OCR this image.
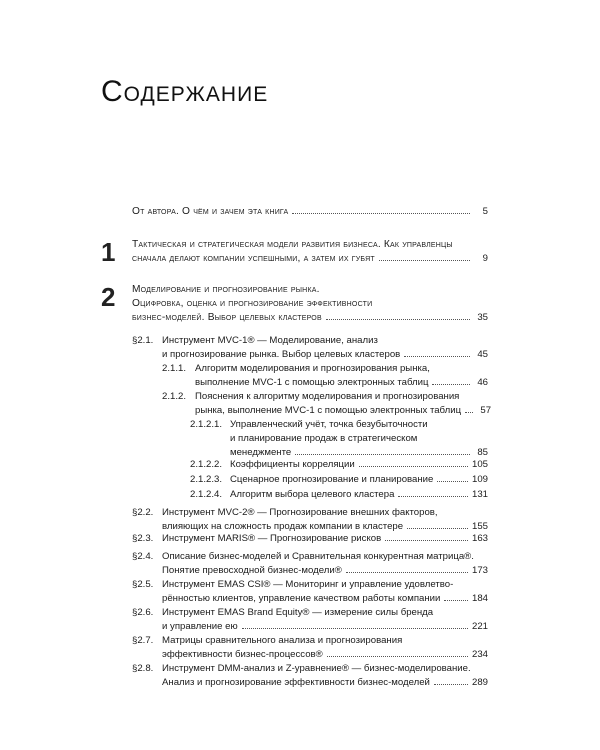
Содержание
От автора. О чём и зачем эта книга	5
1 Тактическая и стратегическая модели развития бизнеса. Как управленцы
сначала делают компании успешными, а затем их губят	9
2 Моделирование и прогнозирование рынка.
Оцифровка, оценка и прогнозирование эффективности
бизнес-моделей. Выбор целевых кластеров	35
§2.1. Инструмент MVC-1® — Моделирование, анализ
и прогнозирование рынка. Выбор целевых кластеров	45
2.1.1. Алгоритм моделирования и прогнозирования рынка,
выполнение MVC-1 с помощью электронных таблиц	46
2.1.2. Пояснения к алгоритму моделирования и прогнозирования
рынка, выполнение MVC-1 с помощью электронных таблиц	57
2.1.2.1. Управленческий учёт, точка безубыточности
и планирование продаж в стратегическом
менеджменте	85
2.1.2.2. Коэффициенты корреляции	105
2.1.2.3. Сценарное прогнозирование и планирование	109
2.1.2.4. Алгоритм выбора целевого кластера	131
§2.2. Инструмент MVC-2® — Прогнозирование внешних факторов,
влияющих на сложность продаж компании в кластере	155
§2.3. Инструмент MARIS® — Прогнозирование рисков	163
§2.4. Описание бизнес-моделей и Сравнительная конкурентная матрица®.
Понятие превосходной бизнес-модели®	173
§2.5. Инструмент EMAS CSI® — Мониторинг и управление удовлетво-
рённостью клиентов, управление качеством работы компании	184
§2.6. Инструмент EMAS Brand Equity® — измерение силы бренда
и управление ею	221
§2.7. Матрицы сравнительного анализа и прогнозирования
эффективности бизнес-процессов®	234
§2.8. Инструмент DMM-анализ и Z-уравнение® — бизнес-моделирование.
Анализ и прогнозирование эффективности бизнес-моделей	289
